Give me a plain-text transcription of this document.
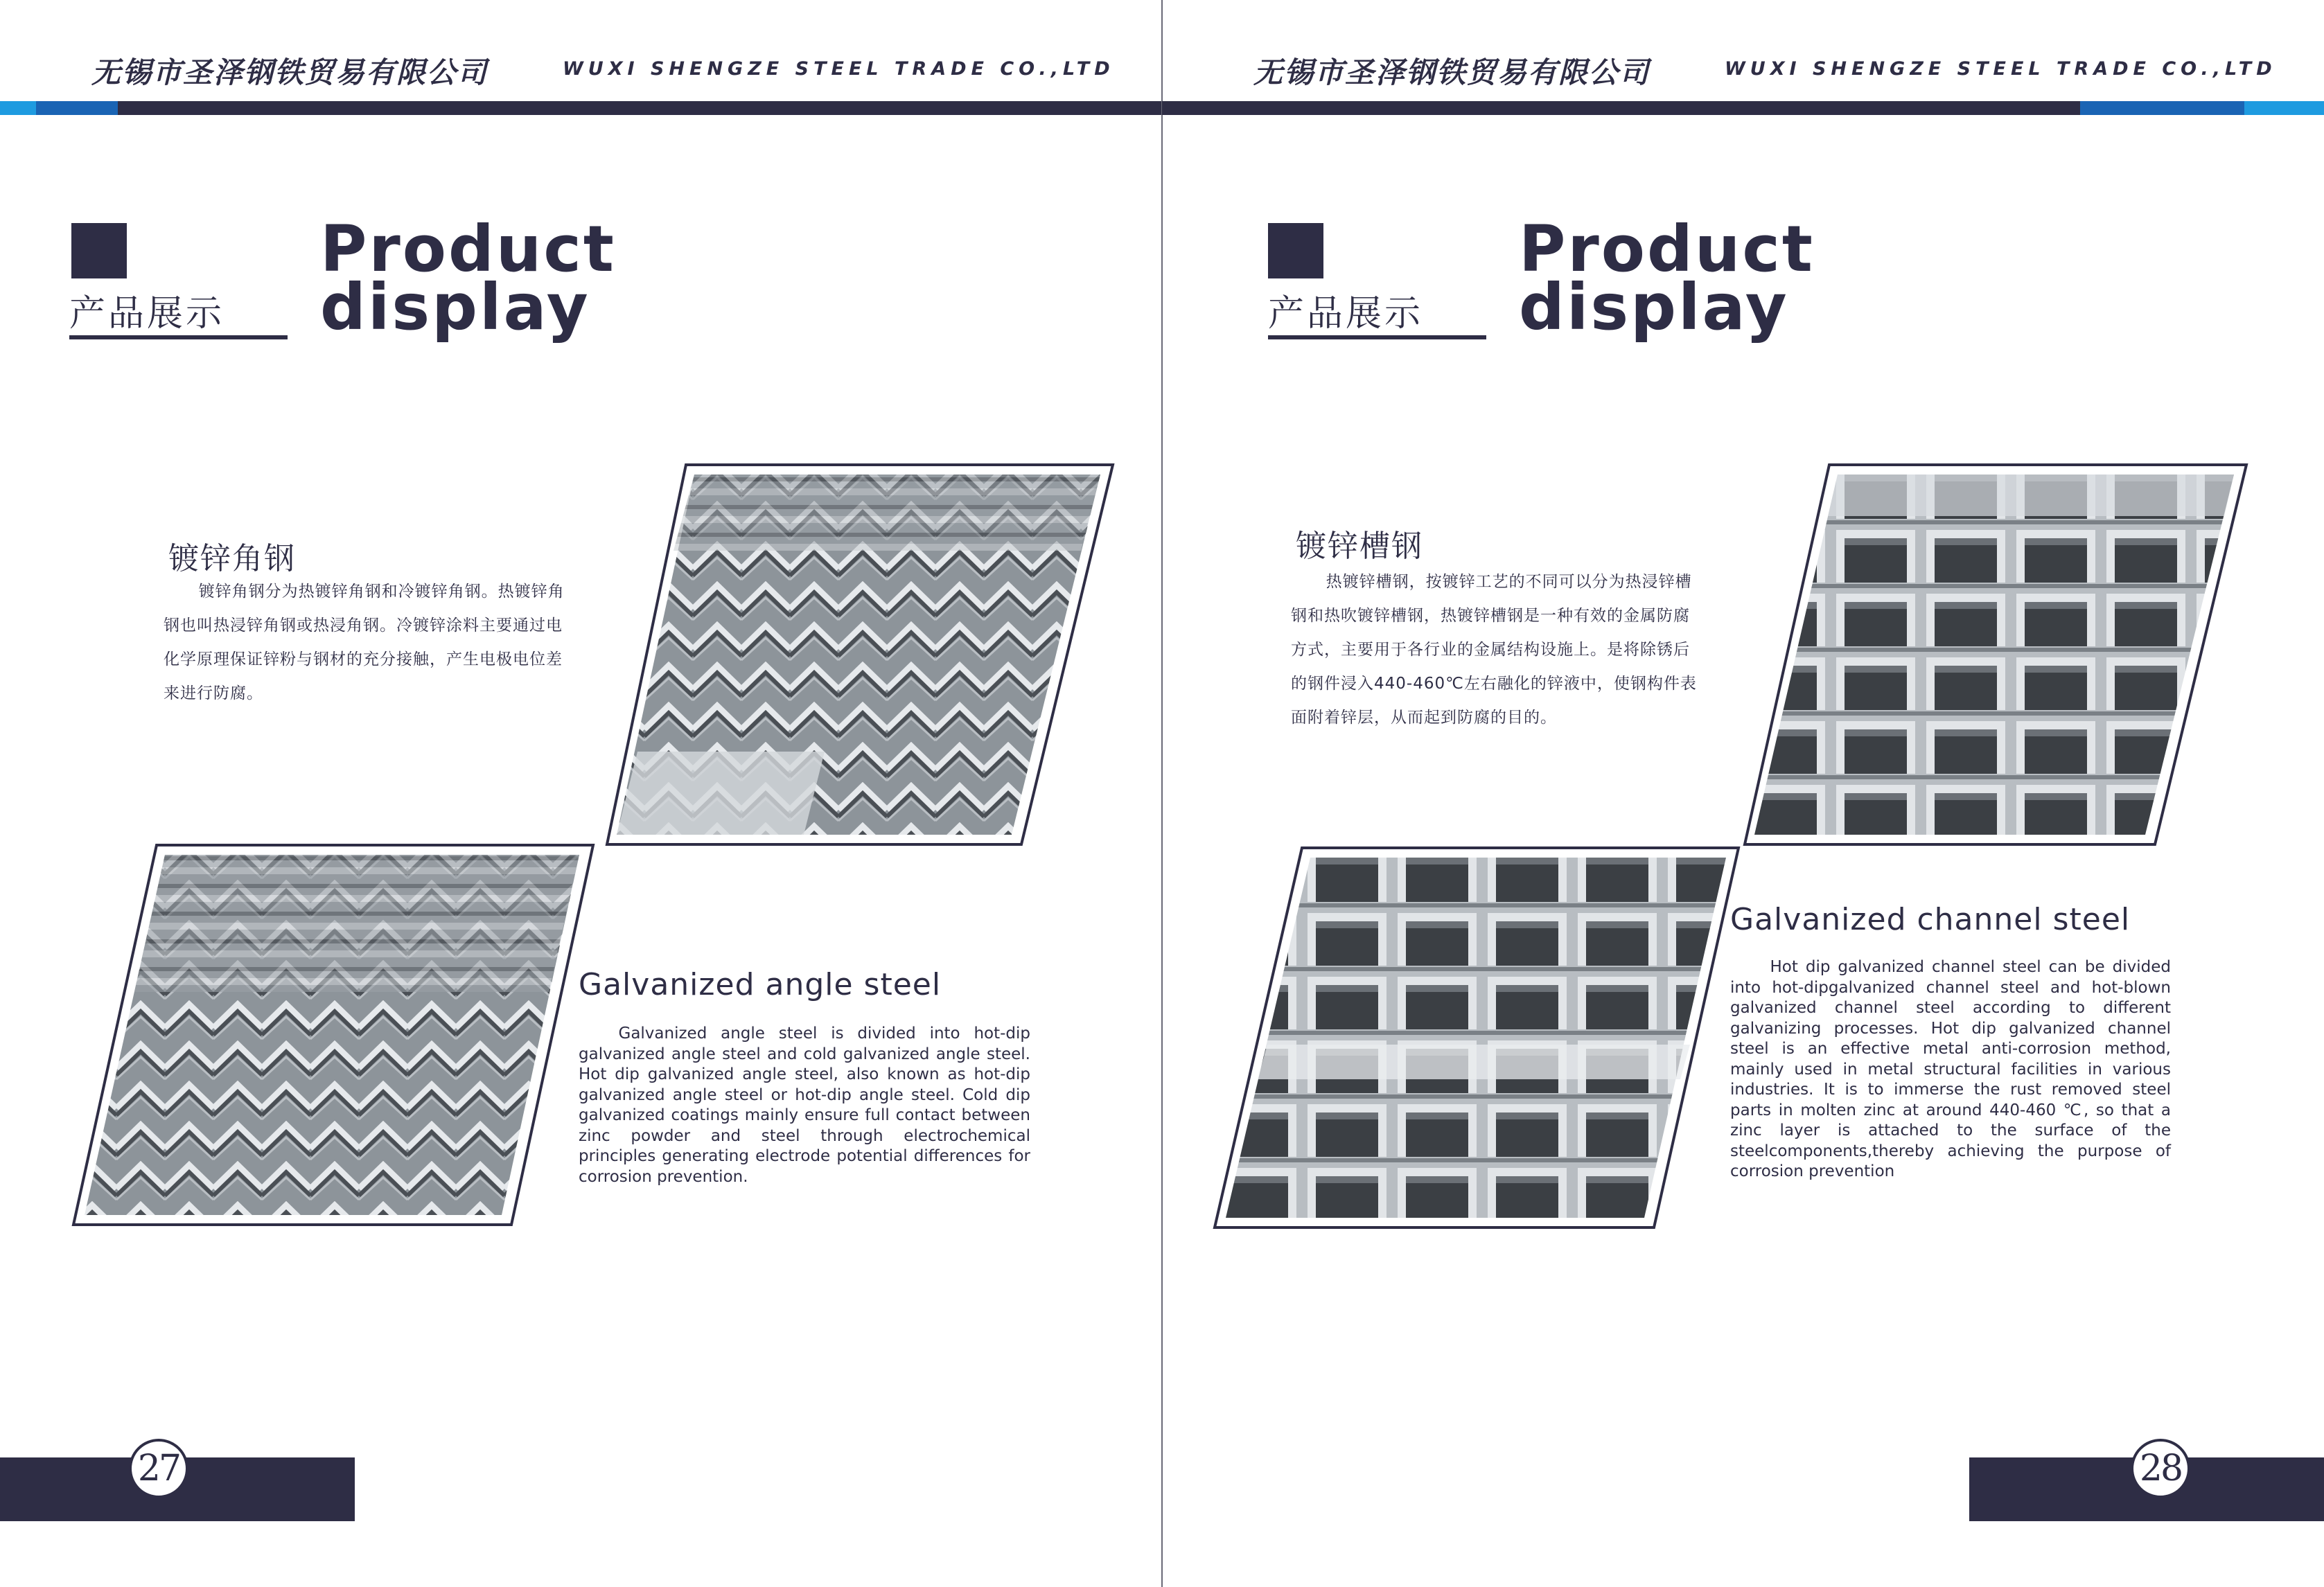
无锡市圣泽钢铁贸易有限公司	WUXI SHENGZE STEEL TRADE CO.,LTD
产品展示
Product
display
镀锌角钢
镀锌角钢分为热镀锌角钢和冷镀锌角钢。热镀锌角
钢也叫热浸锌角钢或热浸角钢。冷镀锌涂料主要通过电
化学原理保证锌粉与钢材的充分接触，产生电极电位差
来进行防腐。
Galvanized angle steel
Galvanized angle steel is divided into hot-dip galvanized angle steel and cold galvanized angle steel. Hot dip galvanized angle steel, also known as hot-dip galvanized angle steel or hot-dip angle steel. Cold dip galvanized coatings mainly ensure full contact between zinc powder and steel through electrochemical principles generating electrode potential differences for corrosion prevention.
27
无锡市圣泽钢铁贸易有限公司	WUXI SHENGZE STEEL TRADE CO.,LTD
产品展示
Product
display
镀锌槽钢
热镀锌槽钢，按镀锌工艺的不同可以分为热浸锌槽
钢和热吹镀锌槽钢，热镀锌槽钢是一种有效的金属防腐
方式，主要用于各行业的金属结构设施上。是将除锈后
的钢件浸入440-460℃左右融化的锌液中，使钢构件表
面附着锌层，从而起到防腐的目的。
Galvanized channel steel
Hot dip galvanized channel steel can be divided into hot-dipgalvanized channel steel and hot-blown galvanized channel steel according to different galvanizing processes. Hot dip galvanized channel steel is an effective metal anti-corrosion method, mainly used in metal structural facilities in various industries. It is to immerse the rust removed steel parts in molten zinc at around 440-460 ℃, so that a zinc layer is attached to the surface of the steelcomponents,thereby achieving the purpose of corrosion prevention
28
